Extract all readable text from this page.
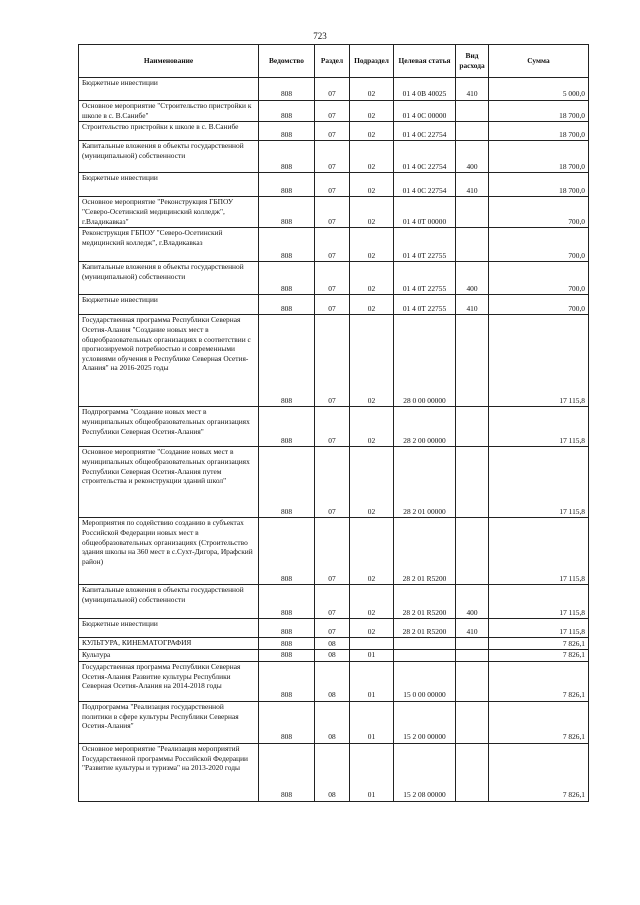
723
Наименование	Ведомство	Раздел	Подраздел	Целевая статья	Вид расхода	Сумма
Бюджетные инвестиции	808	07	02	01 4 0В 40025	410	5 000,0
Основное мероприятие "Строительство пристройки к школе в с. В.Санибе"	808	07	02	01 4 0С 00000		18 700,0
Строительство пристройки к школе в с. В.Санибе	808	07	02	01 4 0С 22754		18 700,0
Капитальные вложения в объекты государственной (муниципальной) собственности	808	07	02	01 4 0С 22754	400	18 700,0
Бюджетные инвестиции	808	07	02	01 4 0С 22754	410	18 700,0
Основное мероприятие "Реконструкция ГБПОУ "Северо-Осетинский медицинский колледж", г.Владикавказ"	808	07	02	01 4 0Т 00000		700,0
Реконструкция ГБПОУ "Северо-Осетинский медицинский колледж", г.Владикавказ	808	07	02	01 4 0Т 22755		700,0
Капитальные вложения в объекты государственной (муниципальной) собственности	808	07	02	01 4 0Т 22755	400	700,0
Бюджетные инвестиции	808	07	02	01 4 0Т 22755	410	700,0
Государственная программа Республики Северная Осетия-Алания "Создание новых мест в общеобразовательных организациях в соответствии с прогнозируемой потребностью и современными условиями обучения в Республике Северная Осетия-Алания" на 2016-2025 годы	808	07	02	28 0 00 00000		17 115,8
Подпрограмма "Создание новых мест в муниципальных общеобразовательных организациях Республики Северная Осетия-Алания"	808	07	02	28 2 00 00000		17 115,8
Основное мероприятие "Создание новых мест в муниципальных общеобразовательных организациях Республики Северная Осетия-Алания путем строительства и реконструкции зданий школ"	808	07	02	28 2 01 00000		17 115,8
Мероприятия по содействию созданию в субъектах Российской Федерации новых мест в общеобразовательных организациях (Строительство здания школы на 360 мест в с.Сухт-Дигора, Ирафский район)	808	07	02	28 2 01 R5200		17 115,8
Капитальные вложения в объекты государственной (муниципальной) собственности	808	07	02	28 2 01 R5200	400	17 115,8
Бюджетные инвестиции	808	07	02	28 2 01 R5200	410	17 115,8
КУЛЬТУРА, КИНЕМАТОГРАФИЯ	808	08				7 826,1
Культура	808	08	01			7 826,1
Государственная программа Республики Северная Осетия-Алания Развитие культуры Республики Северная Осетия-Алания на 2014-2018 годы	808	08	01	15 0 00 00000		7 826,1
Подпрограмма "Реализация государственной политики в сфере культуры Республики Северная Осетия-Алания"	808	08	01	15 2 00 00000		7 826,1
Основное мероприятие "Реализация мероприятий Государственной программы Российской Федерации "Развитие культуры и туризма" на 2013-2020 годы	808	08	01	15 2 08 00000		7 826,1
